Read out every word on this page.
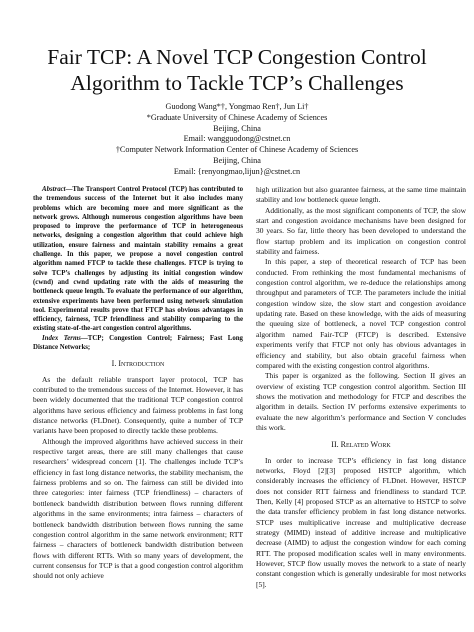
Fair TCP: A Novel TCP Congestion Control Algorithm to Tackle TCP’s Challenges
Guodong Wang*†, Yongmao Ren†, Jun Li†
*Graduate University of Chinese Academy of Sciences
Beijing, China
Email: wangguodong@cstnet.cn
†Computer Network Information Center of Chinese Academy of Sciences
Beijing, China
Email: {renyongmao,lijun}@cstnet.cn

Abstract—The Transport Control Protocol (TCP) has contributed to the tremendous success of the Internet but it also includes many problems which are becoming more and more significant as the network grows. Although numerous congestion algorithms have been proposed to improve the performance of TCP in heterogeneous networks, designing a congestion algorithm that could achieve high utilization, ensure fairness and maintain stability remains a great challenge. In this paper, we propose a novel congestion control algorithm named FTCP to tackle these challenges. FTCP is trying to solve TCP’s challenges by adjusting its initial congestion window (cwnd) and cwnd updating rate with the aids of measuring the bottleneck queue length. To evaluate the performance of our algorithm, extensive experiments have been performed using network simulation tool. Experimental results prove that FTCP has obvious advantages in efficiency, fairness, TCP friendliness and stability comparing to the existing state-of-the-art congestion control algorithms.

Index Terms—TCP; Congestion Control; Fairness; Fast Long Distance Networks;

I. Introduction

As the default reliable transport layer protocol, TCP has contributed to the tremendous success of the Internet. However, it has been widely documented that the traditional TCP congestion control algorithms have serious efficiency and fairness problems in fast long distance networks (FLDnet). Consequently, quite a number of TCP variants have been proposed to directly tackle these problems.

Although the improved algorithms have achieved success in their respective target areas, there are still many challenges that cause researchers’ widespread concern [1]. The challenges include TCP’s efficiency in fast long distance networks, the stability mechanism, the fairness problems and so on. The fairness can still be divided into three categories: inter fairness (TCP friendliness) – characters of bottleneck bandwidth distribution between flows running different algorithms in the same environments; intra fairness – characters of bottleneck bandwidth distribution between flows running the same congestion control algorithm in the same network environment; RTT fairness – characters of bottleneck bandwidth distribution between flows with different RTTs. With so many years of development, the current consensus for TCP is that a good congestion control algorithm should not only achieve

high utilization but also guarantee fairness, at the same time maintain stability and low bottleneck queue length.

Additionally, as the most significant components of TCP, the slow start and congestion avoidance mechanisms have been designed for 30 years. So far, little theory has been developed to understand the flow startup problem and its implication on congestion control stability and fairness.

In this paper, a step of theoretical research of TCP has been conducted. From rethinking the most fundamental mechanisms of congestion control algorithm, we re-deduce the relationships among throughput and parameters of TCP. The parameters include the initial congestion window size, the slow start and congestion avoidance updating rate. Based on these knowledge, with the aids of measuring the queuing size of bottleneck, a novel TCP congestion control algorithm named Fair-TCP (FTCP) is described. Extensive experiments verify that FTCP not only has obvious advantages in efficiency and stability, but also obtain graceful fairness when compared with the existing congestion control algorithms.

This paper is organized as the following. Section II gives an overview of existing TCP congestion control algorithm. Section III shows the motivation and methodology for FTCP and describes the algorithm in details. Section IV performs extensive experiments to evaluate the new algorithm’s performance and Section V concludes this work.

II. Related Work

In order to increase TCP’s efficiency in fast long distance networks, Floyd [2][3] proposed HSTCP algorithm, which considerably increases the efficiency of FLDnet. However, HSTCP does not consider RTT fairness and friendliness to standard TCP. Then, Kelly [4] proposed STCP as an alternative to HSTCP to solve the data transfer efficiency problem in fast long distance networks. STCP uses multiplicative increase and multiplicative decrease strategy (MIMD) instead of additive increase and multiplicative decrease (AIMD) to adjust the congestion window for each coming RTT. The proposed modification scales well in many environments. However, STCP flow usually moves the network to a state of nearly constant congestion which is generally undesirable for most networks [5].
